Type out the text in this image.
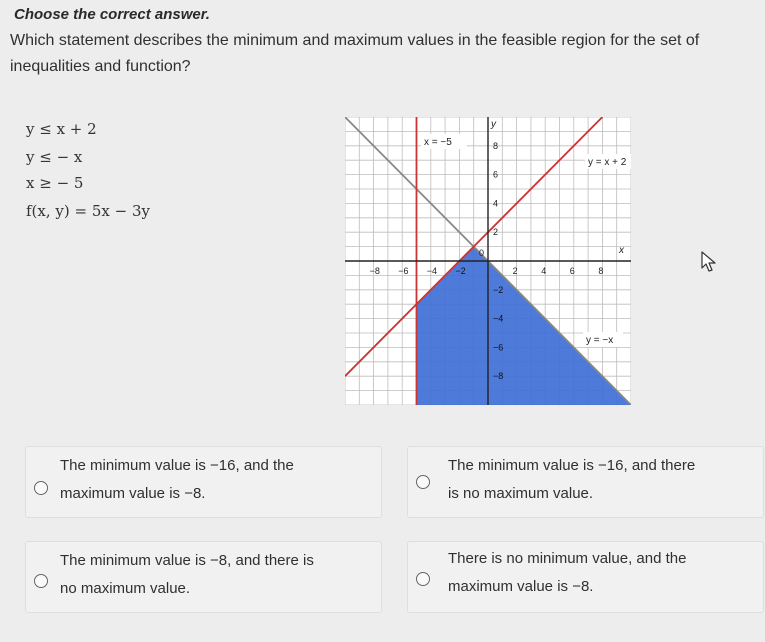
Choose the correct answer.
Which statement describes the minimum and maximum values in the feasible region for the set of inequalities and function?
y ≤ x + 2
y ≤ − x
x ≥ − 5
f(x, y) = 5x − 3y
−8 −6 −4 −2
0
2	4	6	8
8
6
4
2
−2
−4
−6
−8
y
x
x = −5
y = x + 2
y = −x
The minimum value is −16, and the
maximum value is −8.
The minimum value is −16, and there
is no maximum value.
The minimum value is −8, and there is
no maximum value.
There is no minimum value, and the
maximum value is −8.
